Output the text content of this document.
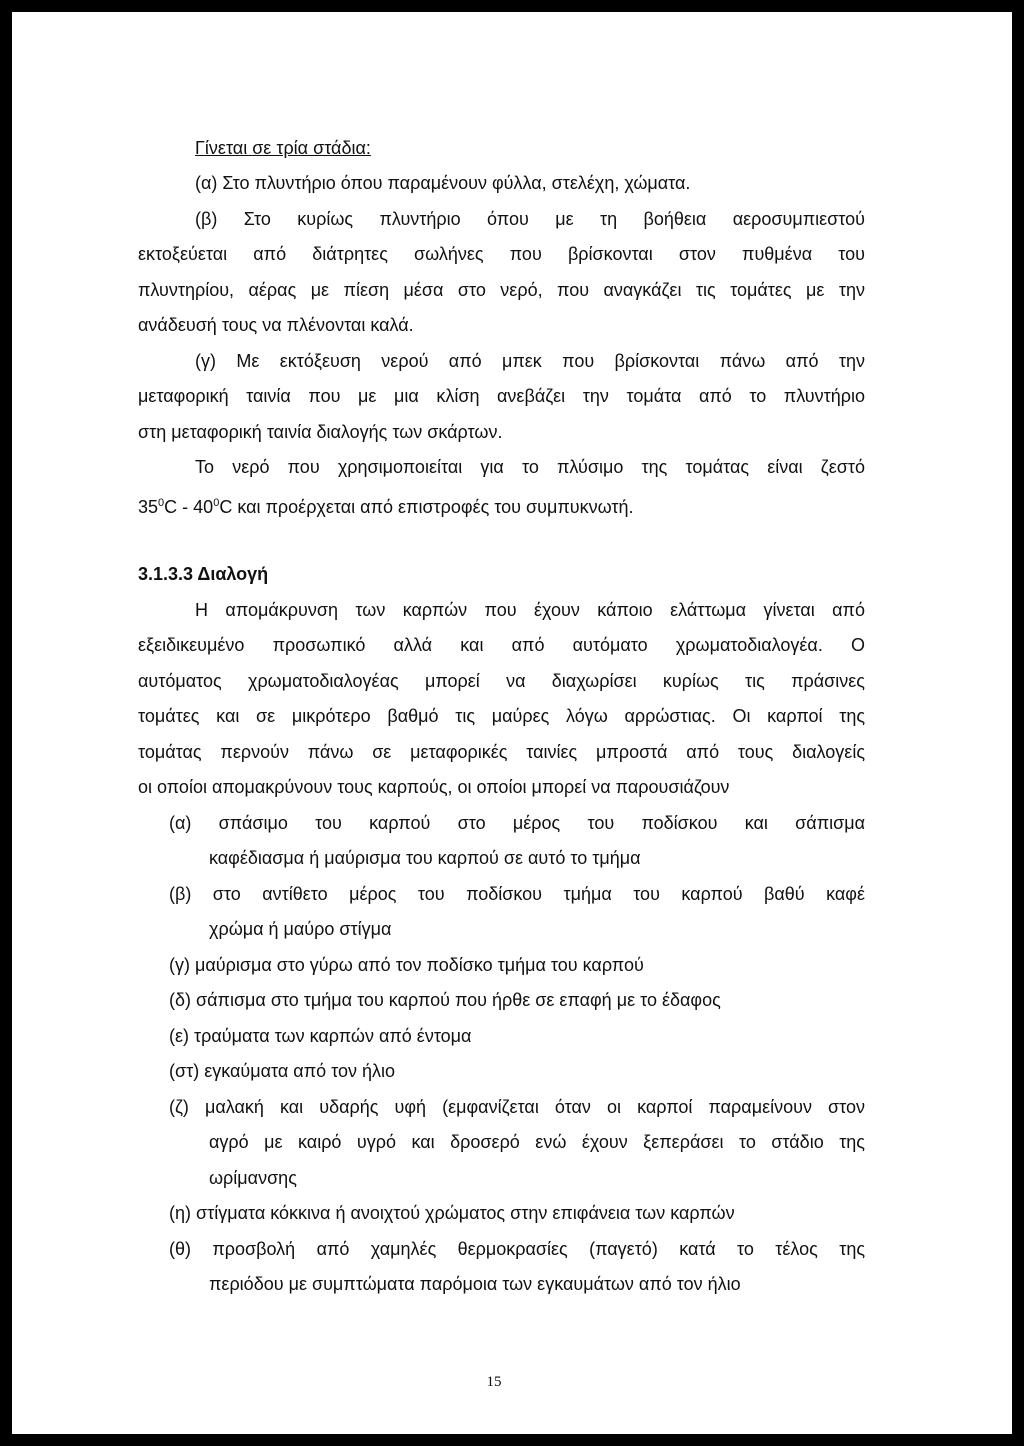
Γίνεται σε τρία στάδια:
(α) Στο πλυντήριο όπου παραμένουν φύλλα, στελέχη, χώματα.
(β) Στο κυρίως πλυντήριο όπου με τη βοήθεια αεροσυμπιεστού
εκτοξεύεται από διάτρητες σωλήνες που βρίσκονται στον πυθμένα του
πλυντηρίου, αέρας με πίεση μέσα στο νερό, που αναγκάζει τις τομάτες με την
ανάδευσή τους να πλένονται καλά.
(γ) Με εκτόξευση νερού από μπεκ που βρίσκονται πάνω από την
μεταφορική ταινία που με μια κλίση ανεβάζει την τομάτα από το πλυντήριο
στη μεταφορική ταινία διαλογής των σκάρτων.
Το νερό που χρησιμοποιείται για το πλύσιμο της τομάτας είναι ζεστό
$35^0C - 40^0C$ και προέρχεται από επιστροφές του συμπυκνωτή.
3.1.3.3 Διαλογή
Η απομάκρυνση των καρπών που έχουν κάποιο ελάττωμα γίνεται από
εξειδικευμένο προσωπικό αλλά και από αυτόματο χρωματοδιαλογέα. Ο
αυτόματος χρωματοδιαλογέας μπορεί να διαχωρίσει κυρίως τις πράσινες
τομάτες και σε μικρότερο βαθμό τις μαύρες λόγω αρρώστιας. Οι καρποί της
τομάτας περνούν πάνω σε μεταφορικές ταινίες μπροστά από τους διαλογείς
οι οποίοι απομακρύνουν τους καρπούς, οι οποίοι μπορεί να παρουσιάζουν
(α) σπάσιμο του καρπού στο μέρος του ποδίσκου και σάπισμα
καφέδιασμα ή μαύρισμα του καρπού σε αυτό το τμήμα
(β) στο αντίθετο μέρος του ποδίσκου τμήμα του καρπού βαθύ καφέ
χρώμα ή μαύρο στίγμα
(γ) μαύρισμα στο γύρω από τον ποδίσκο τμήμα του καρπού
(δ) σάπισμα στο τμήμα του καρπού που ήρθε σε επαφή με το έδαφος
(ε) τραύματα των καρπών από έντομα
(στ) εγκαύματα από τον ήλιο
(ζ) μαλακή και υδαρής υφή (εμφανίζεται όταν οι καρποί παραμείνουν στον
αγρό με καιρό υγρό και δροσερό ενώ έχουν ξεπεράσει το στάδιο της
ωρίμανσης
(η) στίγματα κόκκινα ή ανοιχτού χρώματος στην επιφάνεια των καρπών
(θ) προσβολή από χαμηλές θερμοκρασίες (παγετό) κατά το τέλος της
περιόδου με συμπτώματα παρόμοια των εγκαυμάτων από τον ήλιο
15
